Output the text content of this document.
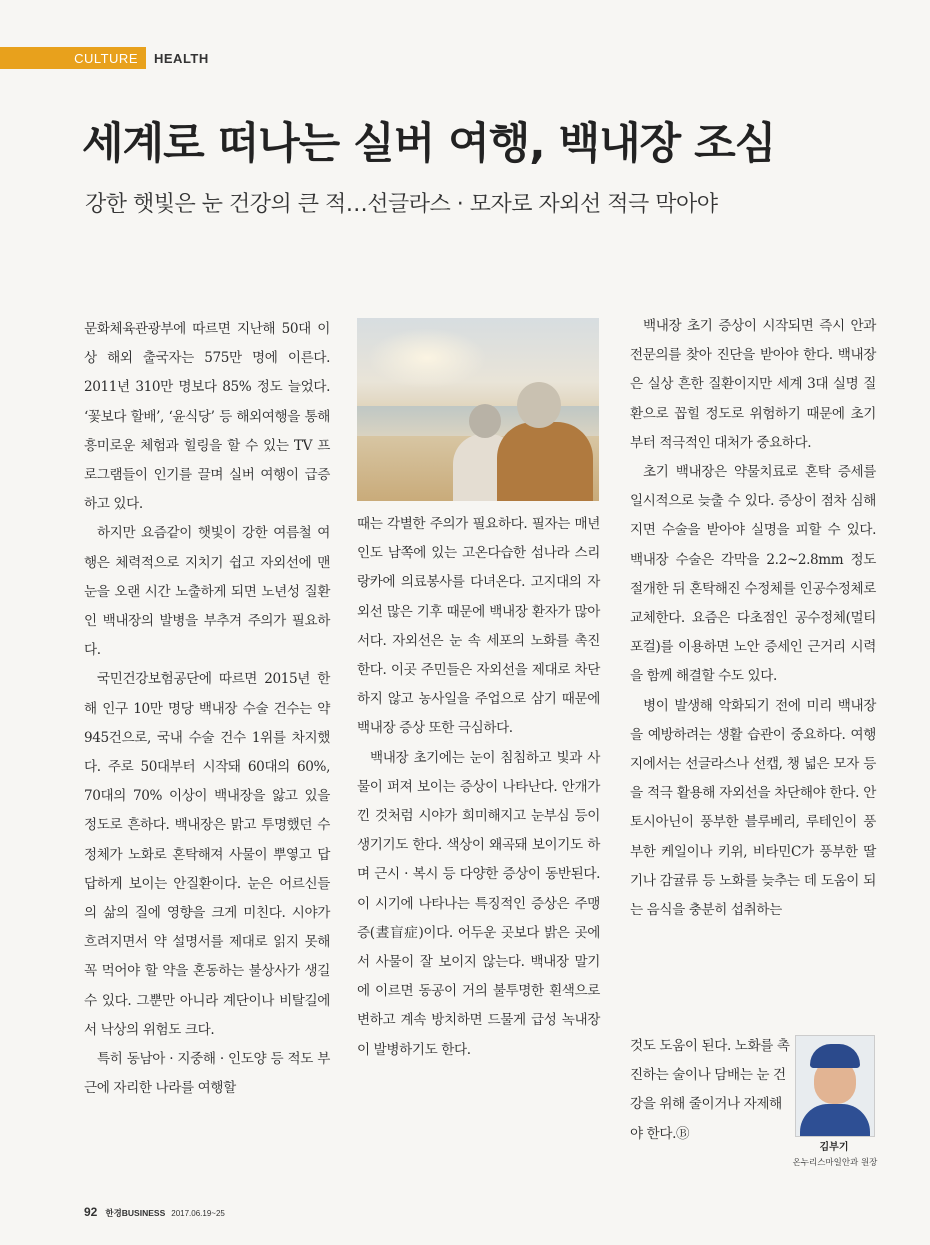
CULTURE	HEALTH
세계로 떠나는 실버 여행, 백내장 조심
강한 햇빛은 눈 건강의 큰 적…선글라스 · 모자로 자외선 적극 막아야

문화체육관광부에 따르면 지난해 50대 이상 해외 출국자는 575만 명에 이른다. 2011년 310만 명보다 85% 정도 늘었다. ‘꽃보다 할배’, ‘윤식당’ 등 해외여행을 통해 흥미로운 체험과 힐링을 할 수 있는 TV 프로그램들이 인기를 끌며 실버 여행이 급증하고 있다.

하지만 요즘같이 햇빛이 강한 여름철 여행은 체력적으로 지치기 쉽고 자외선에 맨눈을 오랜 시간 노출하게 되면 노년성 질환인 백내장의 발병을 부추겨 주의가 필요하다.

국민건강보험공단에 따르면 2015년 한 해 인구 10만 명당 백내장 수술 건수는 약 945건으로, 국내 수술 건수 1위를 차지했다. 주로 50대부터 시작돼 60대의 60%, 70대의 70% 이상이 백내장을 앓고 있을 정도로 흔하다. 백내장은 맑고 투명했던 수정체가 노화로 혼탁해져 사물이 뿌옇고 답답하게 보이는 안질환이다. 눈은 어르신들의 삶의 질에 영향을 크게 미친다. 시야가 흐려지면서 약 설명서를 제대로 읽지 못해 꼭 먹어야 할 약을 혼동하는 불상사가 생길 수 있다. 그뿐만 아니라 계단이나 비탈길에서 낙상의 위험도 크다.

특히 동남아 · 지중해 · 인도양 등 적도 부근에 자리한 나라를 여행할

때는 각별한 주의가 필요하다. 필자는 매년 인도 남쪽에 있는 고온다습한 섬나라 스리랑카에 의료봉사를 다녀온다. 고지대의 자외선 많은 기후 때문에 백내장 환자가 많아서다. 자외선은 눈 속 세포의 노화를 촉진한다. 이곳 주민들은 자외선을 제대로 차단하지 않고 농사일을 주업으로 삼기 때문에 백내장 증상 또한 극심하다.

백내장 초기에는 눈이 침침하고 빛과 사물이 퍼져 보이는 증상이 나타난다. 안개가 낀 것처럼 시야가 희미해지고 눈부심 등이 생기기도 한다. 색상이 왜곡돼 보이기도 하며 근시 · 복시 등 다양한 증상이 동반된다. 이 시기에 나타나는 특징적인 증상은 주맹증(晝盲症)이다. 어두운 곳보다 밝은 곳에서 사물이 잘 보이지 않는다. 백내장 말기에 이르면 동공이 거의 불투명한 흰색으로 변하고 계속 방치하면 드물게 급성 녹내장이 발병하기도 한다.

백내장 초기 증상이 시작되면 즉시 안과 전문의를 찾아 진단을 받아야 한다. 백내장은 실상 흔한 질환이지만 세계 3대 실명 질환으로 꼽힐 정도로 위험하기 때문에 초기부터 적극적인 대처가 중요하다.

초기 백내장은 약물치료로 혼탁 증세를 일시적으로 늦출 수 있다. 증상이 점차 심해지면 수술을 받아야 실명을 피할 수 있다. 백내장 수술은 각막을 2.2~2.8mm 정도 절개한 뒤 혼탁해진 수정체를 인공수정체로 교체한다. 요즘은 다초점인 공수정체(멀티포컬)를 이용하면 노안 증세인 근거리 시력을 함께 해결할 수도 있다.

병이 발생해 악화되기 전에 미리 백내장을 예방하려는 생활 습관이 중요하다. 여행지에서는 선글라스나 선캡, 챙 넓은 모자 등을 적극 활용해 자외선을 차단해야 한다. 안토시아닌이 풍부한 블루베리, 루테인이 풍부한 케일이나 키위, 비타민C가 풍부한 딸기나 감귤류 등 노화를 늦추는 데 도움이 되는 음식을 충분히 섭취하는

것도 도움이 된다. 노화를 촉진하는 술이나 담배는 눈 건강을 위해 줄이거나 자제해야 한다.Ⓑ

김부기
온누리스마일안과 원장
92 한경BUSINESS 2017.06.19~25
